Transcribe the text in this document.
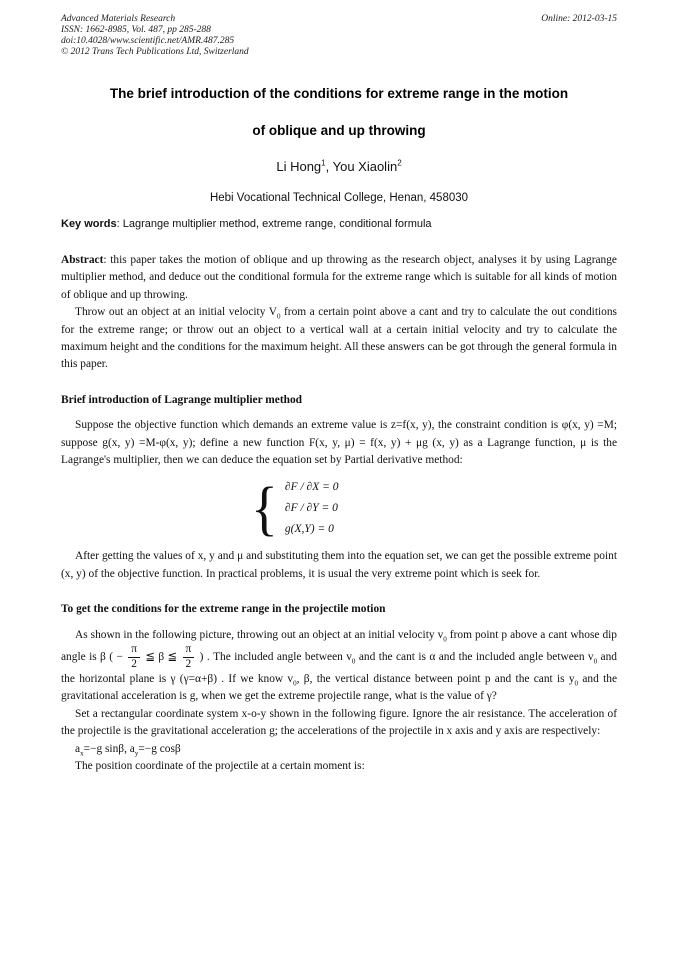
Advanced Materials Research	Online: 2012-03-15
ISSN: 1662-8985, Vol. 487, pp 285-288
doi:10.4028/www.scientific.net/AMR.487.285
© 2012 Trans Tech Publications Ltd, Switzerland
The brief introduction of the conditions for extreme range in the motion
of oblique and up throwing
Li Hong$^1$, You Xiaolin$^2$
Hebi Vocational Technical College, Henan, 458030
Key words: Lagrange multiplier method, extreme range, conditional formula

Abstract: this paper takes the motion of oblique and up throwing as the research object, analyses it by using Lagrange multiplier method, and deduce out the conditional formula for the extreme range which is suitable for all kinds of motion of oblique and up throwing.

Throw out an object at an initial velocity $V_0$ from a certain point above a cant and try to calculate the out conditions for the extreme range; or throw out an object to a vertical wall at a certain initial velocity and try to calculate the maximum height and the conditions for the maximum height. All these answers can be got through the general formula in this paper.

Brief introduction of Lagrange multiplier method

Suppose the objective function which demands an extreme value is z=f(x, y), the constraint condition is φ(x, y) =M; suppose g(x, y) =M-φ(x, y); define a new function F(x, y, μ) = f(x, y) + μg (x, y) as a Lagrange function, μ is the Lagrange's multiplier, then we can deduce the equation set by Partial derivative method:

{ ∂F / ∂X = 0
∂F / ∂Y = 0
g(X,Y) = 0

After getting the values of x, y and μ and substituting them into the equation set, we can get the possible extreme point (x, y) of the objective function. In practical problems, it is usual the very extreme point which is seek for.

To get the conditions for the extreme range in the projectile motion

As shown in the following picture, throwing out an object at an initial velocity $v_0$ from point p above a cant whose dip angle is β ( − $\frac{\pi}{2}$ ≦ β ≦ $\frac{\pi}{2}$ ) . The included angle between $v_0$ and the cant is α and the included angle between $v_0$ and the horizontal plane is γ (γ=α+β) . If we know $v_0$, β, the vertical distance between point p and the cant is $y_0$ and the gravitational acceleration is g, when we get the extreme projectile range, what is the value of γ?

Set a rectangular coordinate system x-o-y shown in the following figure. Ignore the air resistance. The acceleration of the projectile is the gravitational acceleration g; the accelerations of the projectile in x axis and y axis are respectively:

$a_x=-g$ sinβ, $a_y=-g$ cosβ

The position coordinate of the projectile at a certain moment is:
